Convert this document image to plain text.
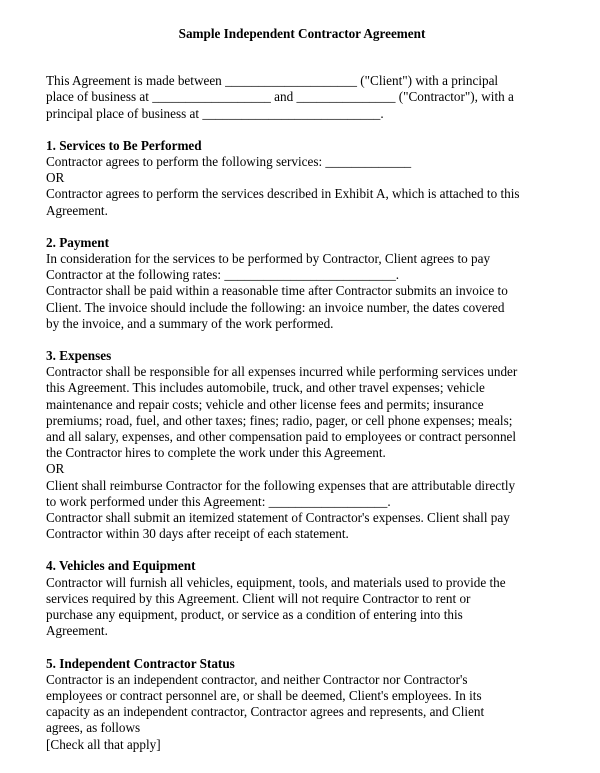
Sample Independent Contractor Agreement
This Agreement is made between ____________________ ("Client") with a principal
place of business at __________________ and _______________ ("Contractor"), with a
principal place of business at ___________________________.
1. Services to Be Performed
Contractor agrees to perform the following services: _____________
OR
Contractor agrees to perform the services described in Exhibit A, which is attached to this
Agreement.
2. Payment
In consideration for the services to be performed by Contractor, Client agrees to pay
Contractor at the following rates: __________________________.
Contractor shall be paid within a reasonable time after Contractor submits an invoice to
Client. The invoice should include the following: an invoice number, the dates covered
by the invoice, and a summary of the work performed.
3. Expenses
Contractor shall be responsible for all expenses incurred while performing services under
this Agreement. This includes automobile, truck, and other travel expenses; vehicle
maintenance and repair costs; vehicle and other license fees and permits; insurance
premiums; road, fuel, and other taxes; fines; radio, pager, or cell phone expenses; meals;
and all salary, expenses, and other compensation paid to employees or contract personnel
the Contractor hires to complete the work under this Agreement.
OR
Client shall reimburse Contractor for the following expenses that are attributable directly
to work performed under this Agreement: __________________.
Contractor shall submit an itemized statement of Contractor's expenses. Client shall pay
Contractor within 30 days after receipt of each statement.
4. Vehicles and Equipment
Contractor will furnish all vehicles, equipment, tools, and materials used to provide the
services required by this Agreement. Client will not require Contractor to rent or
purchase any equipment, product, or service as a condition of entering into this
Agreement.
5. Independent Contractor Status
Contractor is an independent contractor, and neither Contractor nor Contractor's
employees or contract personnel are, or shall be deemed, Client's employees. In its
capacity as an independent contractor, Contractor agrees and represents, and Client
agrees, as follows
[Check all that apply]
